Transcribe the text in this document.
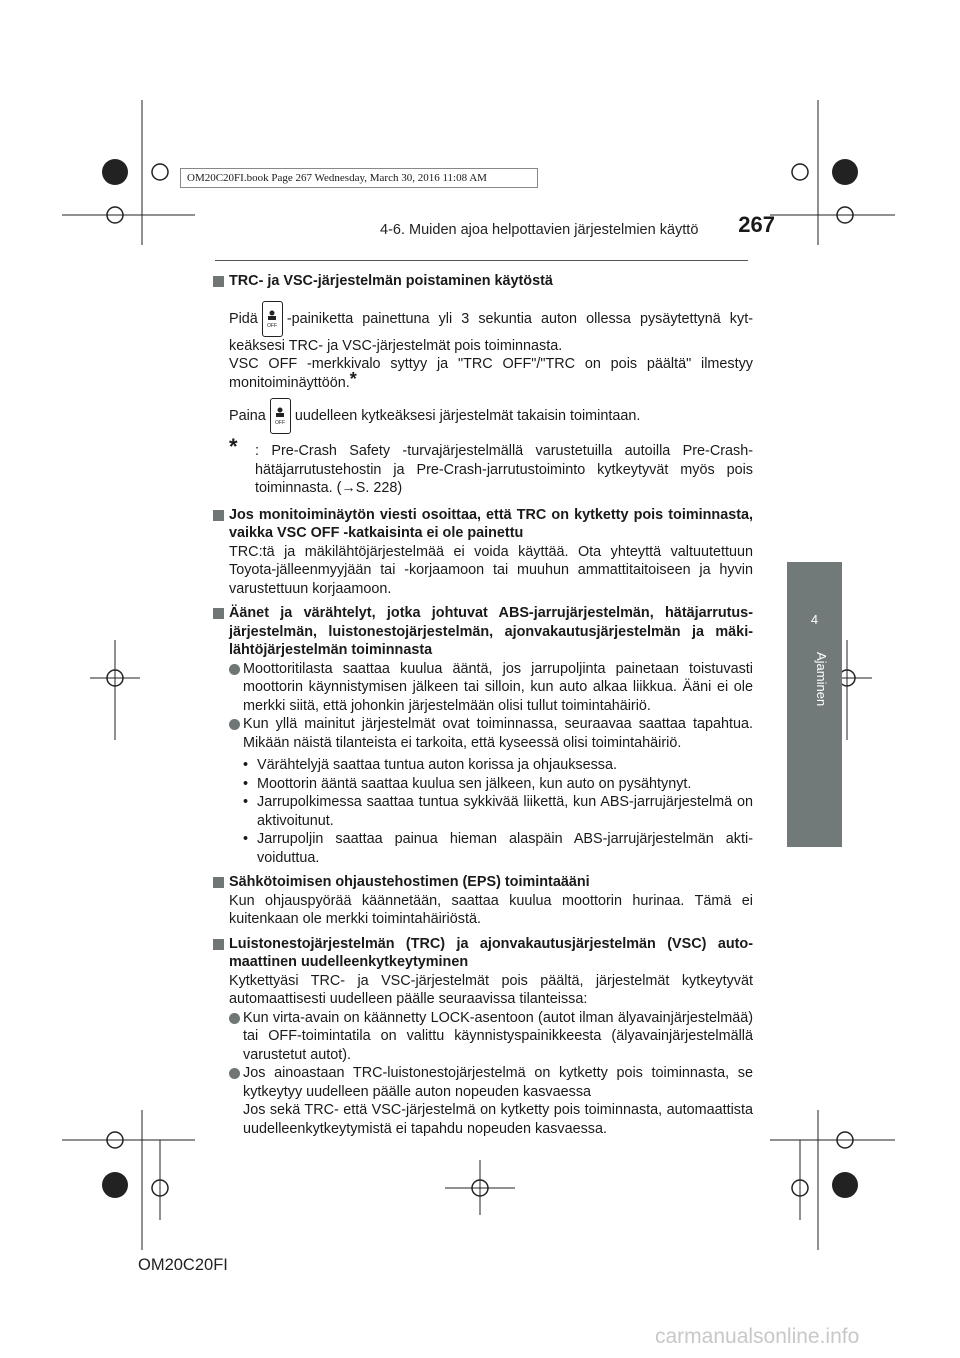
OM20C20FI.book Page 267 Wednesday, March 30, 2016 11:08 AM
4-6. Muiden ajoa helpottavien järjestelmien käyttö 267
4
Ajaminen
TRC- ja VSC-järjestelmän poistaminen käytöstä
Pidä OFF -painiketta painettuna yli 3 sekuntia auton ollessa pysäytettynä kytkeäksesi TRC- ja VSC-järjestelmät pois toiminnasta.
VSC OFF -merkkivalo syttyy ja "TRC OFF"/"TRC on pois päältä" ilmestyy monitoiminäyttöön.*
Paina OFF uudelleen kytkeäksesi järjestelmät takaisin toimintaan.
*	: Pre-Crash Safety -turvajärjestelmällä varustetuilla autoilla Pre-Crash-hätäjarrutustehostin ja Pre-Crash-jarrutustoiminto kytkeytyvät myös pois toiminnasta. (→S. 228)
Jos monitoiminäytön viesti osoittaa, että TRC on kytketty pois toiminnasta, vaikka VSC OFF -katkaisinta ei ole painettu
TRC:tä ja mäkilähtöjärjestelmää ei voida käyttää. Ota yhteyttä valtuutettuun Toyota-jälleenmyyjään tai -korjaamoon tai muuhun ammattitaitoiseen ja hyvin varustettuun korjaamoon.
Äänet ja värähtelyt, jotka johtuvat ABS-jarrujärjestelmän, hätäjarrutusjärjestelmän, luistonestojärjestelmän, ajonvakautusjärjestelmän ja mäkilähtöjärjestelmän toiminnasta
Moottoritilasta saattaa kuulua ääntä, jos jarrupoljinta painetaan toistuvasti moottorin käynnistymisen jälkeen tai silloin, kun auto alkaa liikkua. Ääni ei ole merkki siitä, että johonkin järjestelmään olisi tullut toimintahäiriö.
Kun yllä mainitut järjestelmät ovat toiminnassa, seuraavaa saattaa tapahtua. Mikään näistä tilanteista ei tarkoita, että kyseessä olisi toimintahäiriö.
• Värähtelyjä saattaa tuntua auton korissa ja ohjauksessa.
• Moottorin ääntä saattaa kuulua sen jälkeen, kun auto on pysähtynyt.
• Jarrupolkimessa saattaa tuntua sykkivää liikettä, kun ABS-jarrujärjestelmä on aktivoitunut.
• Jarrupoljin saattaa painua hieman alaspäin ABS-jarrujärjestelmän aktivoiduttua.
Sähkötoimisen ohjaustehostimen (EPS) toimintaääni
Kun ohjauspyörää käännetään, saattaa kuulua moottorin hurinaa. Tämä ei kuitenkaan ole merkki toimintahäiriöstä.
Luistonestojärjestelmän (TRC) ja ajonvakautusjärjestelmän (VSC) automaattinen uudelleenkytkeytyminen
Kytkettyäsi TRC- ja VSC-järjestelmät pois päältä, järjestelmät kytkeytyvät automaattisesti uudelleen päälle seuraavissa tilanteissa:
Kun virta-avain on käännetty LOCK-asentoon (autot ilman älyavainjärjestelmää) tai OFF-toimintatila on valittu käynnistyspainikkeesta (älyavainjärjestelmällä varustetut autot).
Jos ainoastaan TRC-luistonestojärjestelmä on kytketty pois toiminnasta, se kytkeytyy uudelleen päälle auton nopeuden kasvaessa
Jos sekä TRC- että VSC-järjestelmä on kytketty pois toiminnasta, automaattista uudelleenkytkeytymistä ei tapahdu nopeuden kasvaessa.
OM20C20FI
carmanualsonline.info
